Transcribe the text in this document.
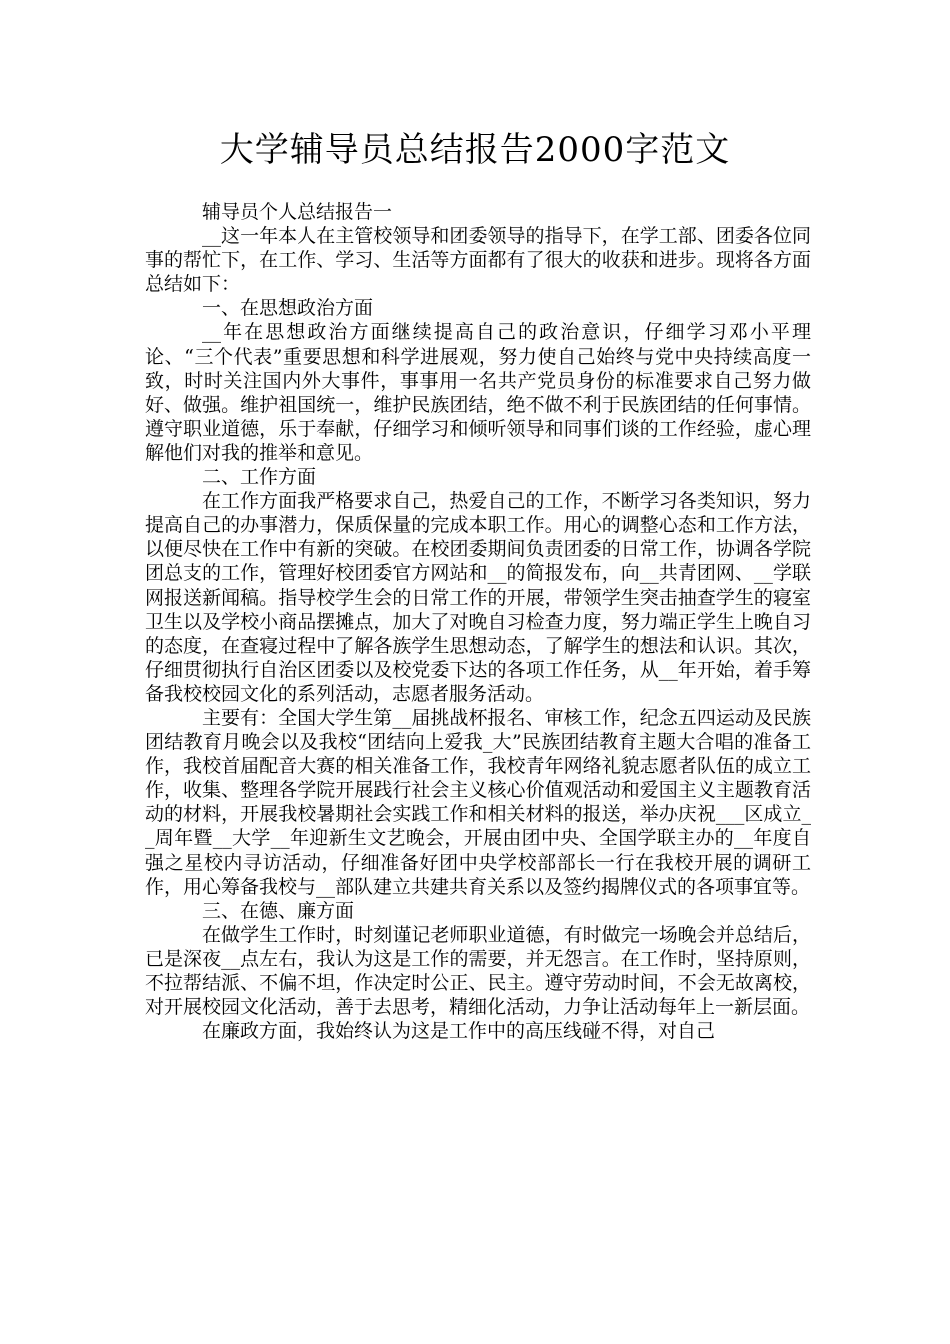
大学辅导员总结报告2000字范文

辅导员个人总结报告一

__这一年本人在主管校领导和团委领导的指导下，在学工部、团委各位同事的帮忙下，在工作、学习、生活等方面都有了很大的收获和进步。现将各方面总结如下：

一、在思想政治方面

__年在思想政治方面继续提高自己的政治意识，仔细学习邓小平理论、“三个代表”重要思想和科学进展观，努力使自己始终与党中央持续高度一致，时时关注国内外大事件，事事用一名共产党员身份的标准要求自己努力做好、做强。维护祖国统一，维护民族团结，绝不做不利于民族团结的任何事情。遵守职业道德，乐于奉献，仔细学习和倾听领导和同事们谈的工作经验，虚心理解他们对我的推举和意见。

二、工作方面

在工作方面我严格要求自己，热爱自己的工作，不断学习各类知识，努力提高自己的办事潜力，保质保量的完成本职工作。用心的调整心态和工作方法，以便尽快在工作中有新的突破。在校团委期间负责团委的日常工作，协调各学院团总支的工作，管理好校团委官方网站和__的简报发布，向__共青团网、__学联网报送新闻稿。指导校学生会的日常工作的开展，带领学生突击抽查学生的寝室卫生以及学校小商品摆摊点，加大了对晚自习检查力度，努力端正学生上晚自习的态度，在查寝过程中了解各族学生思想动态，了解学生的想法和认识。其次，仔细贯彻执行自治区团委以及校党委下达的各项工作任务，从__年开始，着手筹备我校校园文化的系列活动，志愿者服务活动。

主要有：全国大学生第__届挑战杯报名、审核工作，纪念五四运动及民族团结教育月晚会以及我校“团结向上爱我_大”民族团结教育主题大合唱的准备工作，我校首届配音大赛的相关准备工作，我校青年网络礼貌志愿者队伍的成立工作，收集、整理各学院开展践行社会主义核心价值观活动和爱国主义主题教育活动的材料，开展我校暑期社会实践工作和相关材料的报送，举办庆祝___区成立__周年暨__大学__年迎新生文艺晚会，开展由团中央、全国学联主办的__年度自强之星校内寻访活动，仔细准备好团中央学校部部长一行在我校开展的调研工作，用心筹备我校与__部队建立共建共育关系以及签约揭牌仪式的各项事宜等。

三、在德、廉方面

在做学生工作时，时刻谨记老师职业道德，有时做完一场晚会并总结后，已是深夜__点左右，我认为这是工作的需要，并无怨言。在工作时，坚持原则，不拉帮结派、不偏不坦，作决定时公正、民主。遵守劳动时间，不会无故离校，对开展校园文化活动，善于去思考，精细化活动，力争让活动每年上一新层面。

在廉政方面，我始终认为这是工作中的高压线碰不得，对自己
